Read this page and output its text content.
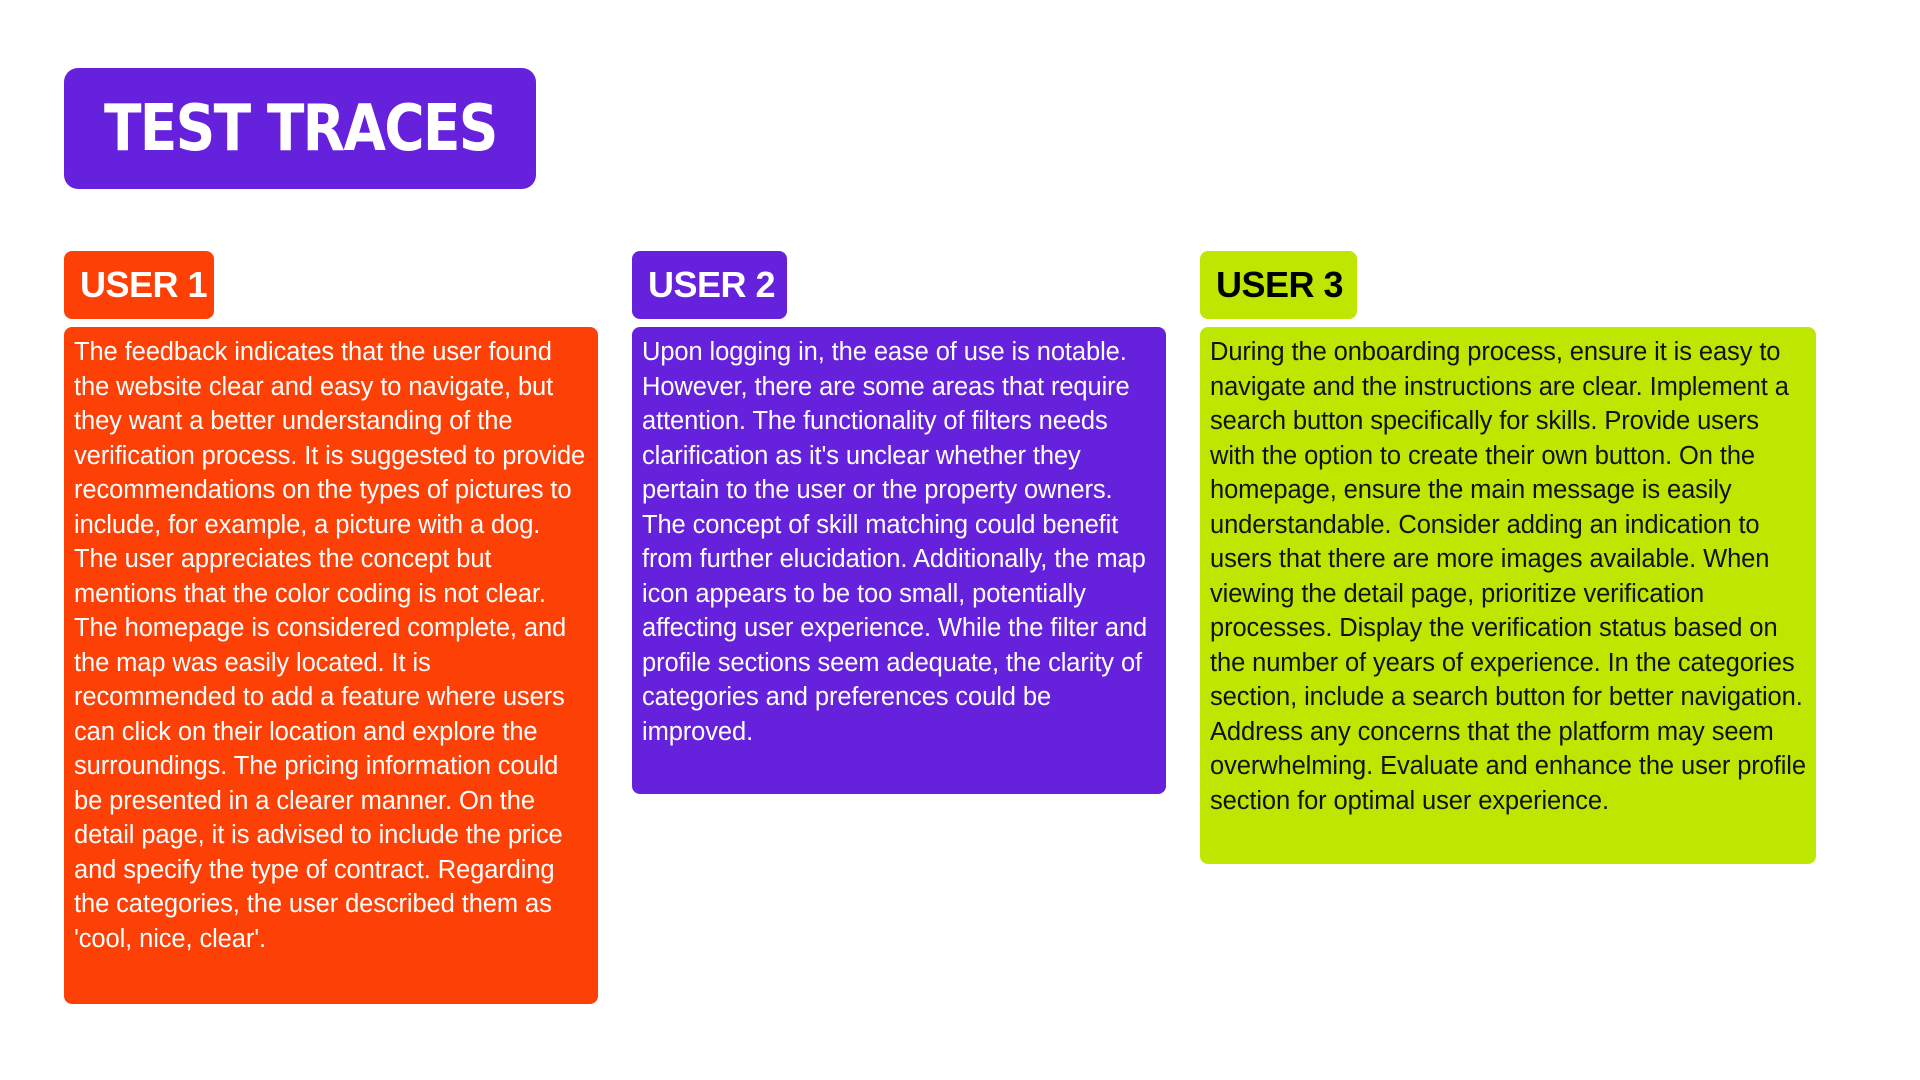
TEST TRACES
USER 1
The feedback indicates that the user found the website clear and easy to navigate, but they want a better understanding of the verification process. It is suggested to provide recommendations on the types of pictures to include, for example, a picture with a dog. The user appreciates the concept but mentions that the color coding is not clear. The homepage is considered complete, and the map was easily located. It is recommended to add a feature where users can click on their location and explore the surroundings. The pricing information could be presented in a clearer manner. On the detail page, it is advised to include the price and specify the type of contract. Regarding the categories, the user described them as 'cool, nice, clear'.
USER 2
Upon logging in, the ease of use is notable. However, there are some areas that require attention. The functionality of filters needs clarification as it's unclear whether they pertain to the user or the property owners. The concept of skill matching could benefit from further elucidation. Additionally, the map icon appears to be too small, potentially affecting user experience. While the filter and profile sections seem adequate, the clarity of categories and preferences could be improved.
USER 3
During the onboarding process, ensure it is easy to navigate and the instructions are clear. Implement a search button specifically for skills. Provide users with the option to create their own button. On the homepage, ensure the main message is easily understandable. Consider adding an indication to users that there are more images available. When viewing the detail page, prioritize verification processes. Display the verification status based on the number of years of experience. In the categories section, include a search button for better navigation. Address any concerns that the platform may seem overwhelming. Evaluate and enhance the user profile section for optimal user experience.
